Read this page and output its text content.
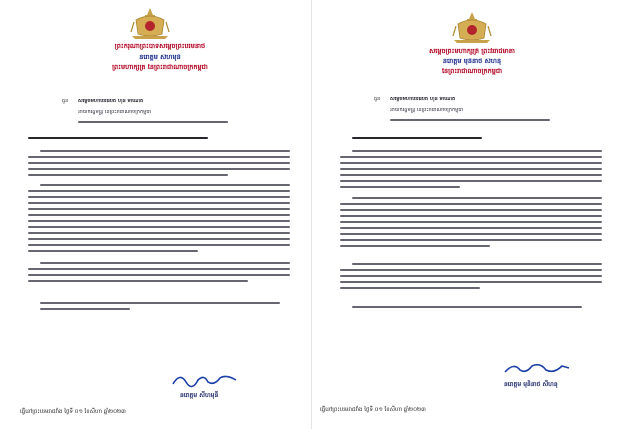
ព្រះករុណាព្រះបាទសម្តេចព្រះបរមនាថ
នរោត្តម សីហមុនី
ព្រះមហាក្សត្រ នៃព្រះរាជាណាចក្រកម្ពុជា
ជូន សម្តេចមហាបវរធិបតី ហ៊ុន ម៉ាណែត
នាយករដ្ឋមន្ត្រី នៃព្រះរាជាណាចក្រកម្ពុជា
នរោត្តម សីហមុនី
ធ្វើនៅព្រះបរមរាជវាំង ថ្ងៃទី ០១ ខែសីហា ឆ្នាំ២០២៣
សម្តេចព្រះមហាក្សត្រី ព្រះវររាជមាតា
នរោត្តម មុនិនាថ សីហនុ
នៃព្រះរាជាណាចក្រកម្ពុជា
ជូន សម្តេចមហាបវរធិបតី ហ៊ុន ម៉ាណែត
នាយករដ្ឋមន្ត្រី នៃព្រះរាជាណាចក្រកម្ពុជា
នរោត្តម មុនិនាថ សីហនុ
ធ្វើនៅព្រះបរមរាជវាំង ថ្ងៃទី ០១ ខែសីហា ឆ្នាំ២០២៣
